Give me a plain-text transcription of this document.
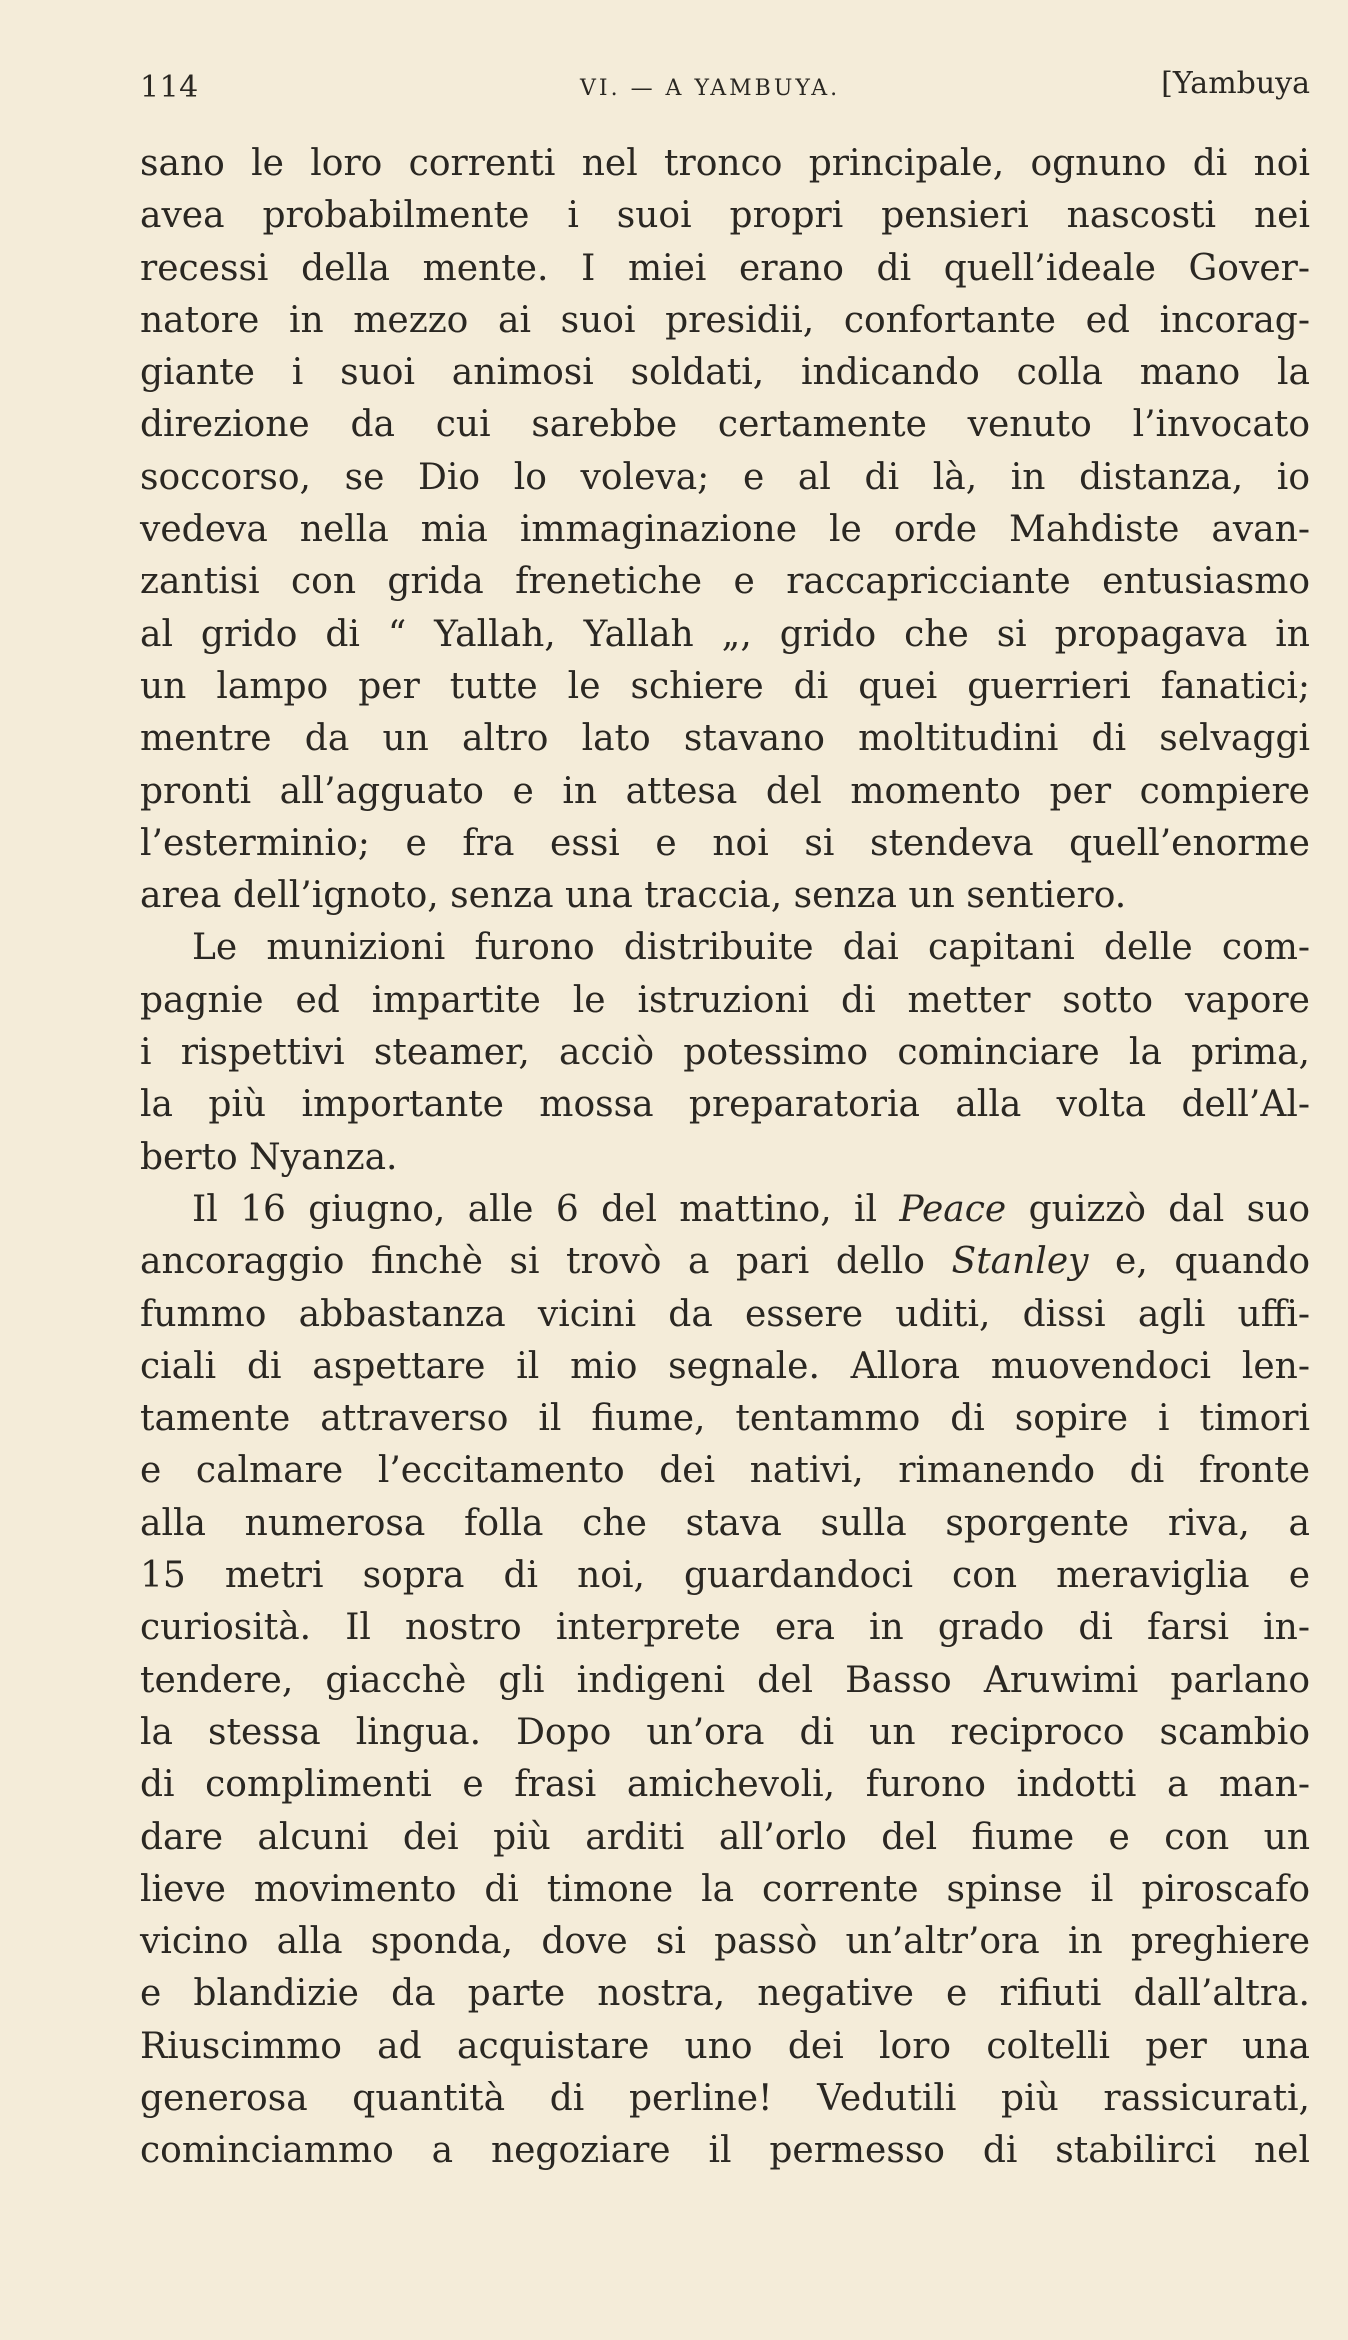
114	VI. — A YAMBUYA.	[Yambuya
sano le loro correnti nel tronco principale, ognuno di noi
avea probabilmente i suoi propri pensieri nascosti nei
recessi della mente. I miei erano di quell’ideale Gover-
natore in mezzo ai suoi presidii, confortante ed incorag-
giante i suoi animosi soldati, indicando colla mano la
direzione da cui sarebbe certamente venuto l’invocato
soccorso, se Dio lo voleva; e al di là, in distanza, io
vedeva nella mia immaginazione le orde Mahdiste avan-
zantisi con grida frenetiche e raccapricciante entusiasmo
al grido di “ Yallah, Yallah „, grido che si propagava in
un lampo per tutte le schiere di quei guerrieri fanatici;
mentre da un altro lato stavano moltitudini di selvaggi
pronti all’agguato e in attesa del momento per compiere
l’esterminio; e fra essi e noi si stendeva quell’enorme
area dell’ignoto, senza una traccia, senza un sentiero.
Le munizioni furono distribuite dai capitani delle com-
pagnie ed impartite le istruzioni di metter sotto vapore
i rispettivi steamer, acciò potessimo cominciare la prima,
la più importante mossa preparatoria alla volta dell’Al-
berto Nyanza.
Il 16 giugno, alle 6 del mattino, il Peace guizzò dal suo
ancoraggio finchè si trovò a pari dello Stanley e, quando
fummo abbastanza vicini da essere uditi, dissi agli uffi-
ciali di aspettare il mio segnale. Allora muovendoci len-
tamente attraverso il fiume, tentammo di sopire i timori
e calmare l’eccitamento dei nativi, rimanendo di fronte
alla numerosa folla che stava sulla sporgente riva, a
15 metri sopra di noi, guardandoci con meraviglia e
curiosità. Il nostro interprete era in grado di farsi in-
tendere, giacchè gli indigeni del Basso Aruwimi parlano
la stessa lingua. Dopo un’ora di un reciproco scambio
di complimenti e frasi amichevoli, furono indotti a man-
dare alcuni dei più arditi all’orlo del fiume e con un
lieve movimento di timone la corrente spinse il piroscafo
vicino alla sponda, dove si passò un’altr’ora in preghiere
e blandizie da parte nostra, negative e rifiuti dall’altra.
Riuscimmo ad acquistare uno dei loro coltelli per una
generosa quantità di perline! Vedutili più rassicurati,
cominciammo a negoziare il permesso di stabilirci nel
